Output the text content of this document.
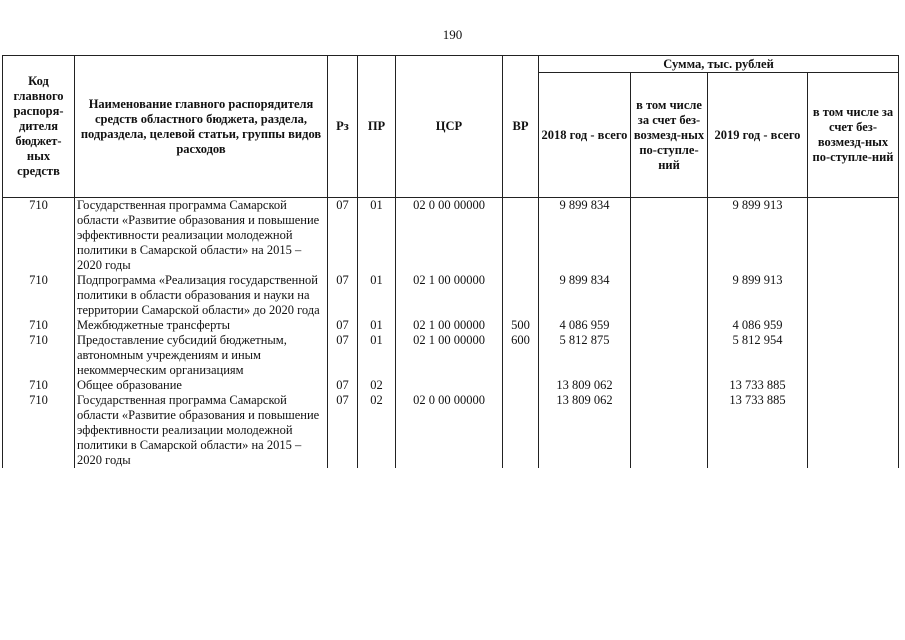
190
Код главного распоря-дителя бюджет-ных средств	Наименование главного распорядителя средств областного бюджета, раздела, подраздела, целевой статьи, группы видов расходов	Рз	ПР	ЦСР	ВР	Сумма, тыс. рублей			
						2018 год - всего	в том числе за счет без-возмезд-ных по-ступле-ний	2019 год - всего	в том числе за счет без-возмезд-ных по-ступле-ний
710	Государственная программа Самарской области «Развитие образования и повышение эффективности реализации молодежной политики в Самарской области» на 2015 – 2020 годы	07	01	02 0 00 00000		9 899 834		9 899 913	
710	Подпрограмма «Реализация государственной политики в области образования и науки на территории Самарской области» до 2020 года	07	01	02 1 00 00000		9 899 834		9 899 913	
710	Межбюджетные трансферты	07	01	02 1 00 00000	500	4 086 959		4 086 959	
710	Предоставление субсидий бюджетным, автономным учреждениям и иным некоммерческим организациям	07	01	02 1 00 00000	600	5 812 875		5 812 954	
710	Общее образование	07	02			13 809 062		13 733 885	
710	Государственная программа Самарской области «Развитие образования и повышение эффективности реализации молодежной политики в Самарской области» на 2015 – 2020 годы	07	02	02 0 00 00000		13 809 062		13 733 885	
